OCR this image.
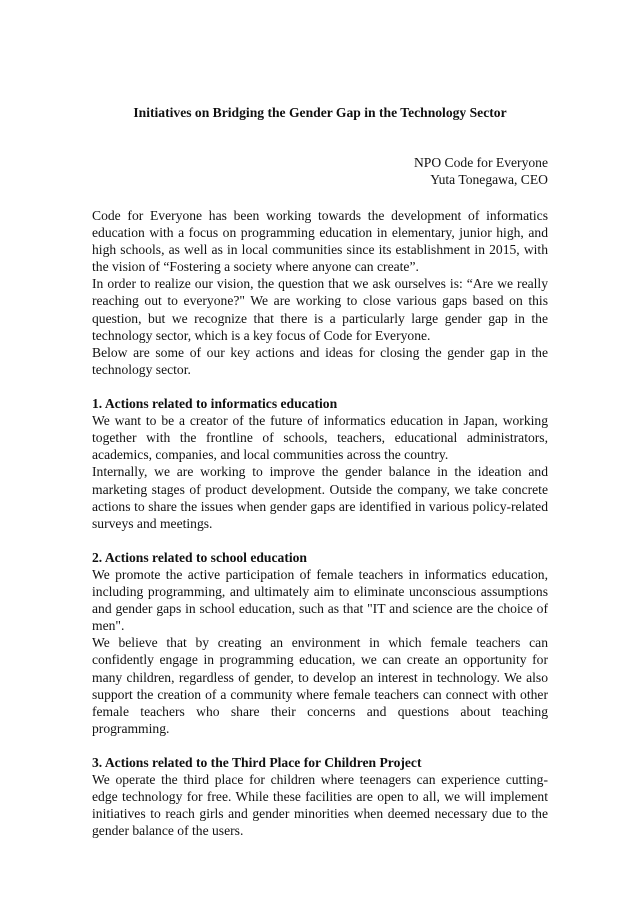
Initiatives on Bridging the Gender Gap in the Technology Sector
NPO Code for Everyone
Yuta Tonegawa, CEO

Code for Everyone has been working towards the development of informatics education with a focus on programming education in elementary, junior high, and high schools, as well as in local communities since its establishment in 2015, with the vision of “Fostering a society where anyone can create”.

In order to realize our vision, the question that we ask ourselves is: “Are we really reaching out to everyone?" We are working to close various gaps based on this question, but we recognize that there is a particularly large gender gap in the technology sector, which is a key focus of Code for Everyone.

Below are some of our key actions and ideas for closing the gender gap in the technology sector.

1. Actions related to informatics education

We want to be a creator of the future of informatics education in Japan, working together with the frontline of schools, teachers, educational administrators, academics, companies, and local communities across the country.

Internally, we are working to improve the gender balance in the ideation and marketing stages of product development. Outside the company, we take concrete actions to share the issues when gender gaps are identified in various policy-related surveys and meetings.

2. Actions related to school education

We promote the active participation of female teachers in informatics education, including programming, and ultimately aim to eliminate unconscious assumptions and gender gaps in school education, such as that "IT and science are the choice of men".

We believe that by creating an environment in which female teachers can confidently engage in programming education, we can create an opportunity for many children, regardless of gender, to develop an interest in technology. We also support the creation of a community where female teachers can connect with other female teachers who share their concerns and questions about teaching programming.

3. Actions related to the Third Place for Children Project

We operate the third place for children where teenagers can experience cutting-edge technology for free. While these facilities are open to all, we will implement initiatives to reach girls and gender minorities when deemed necessary due to the gender balance of the users.
